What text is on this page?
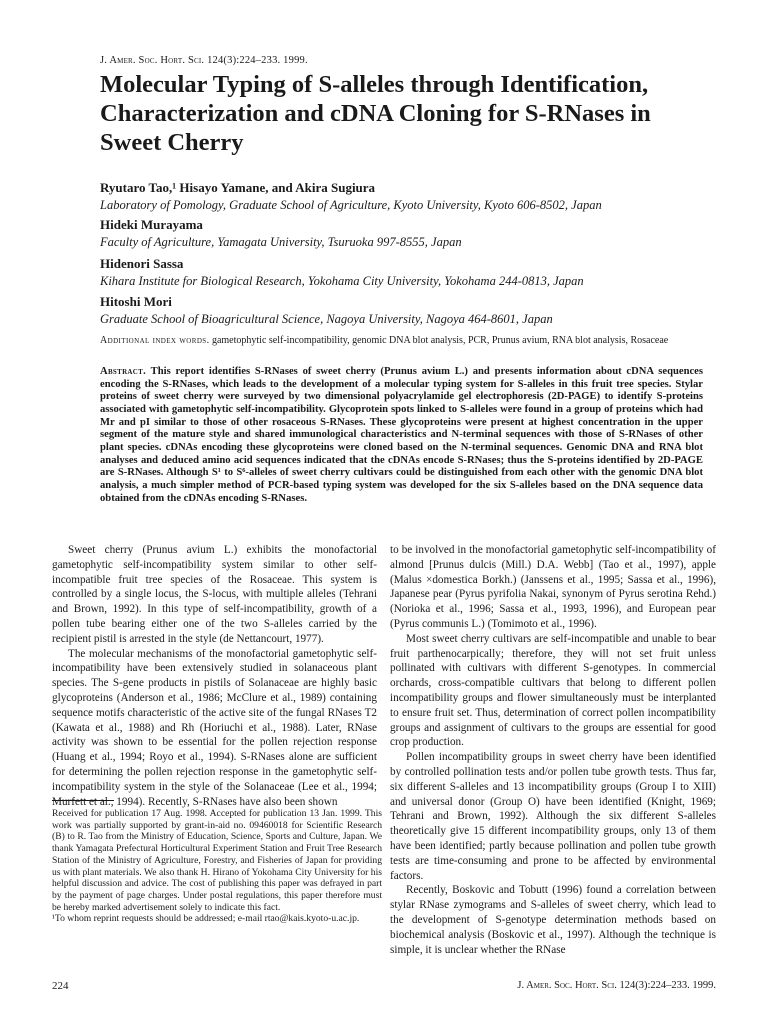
J. Amer. Soc. Hort. Sci. 124(3):224–233. 1999.
Molecular Typing of S-alleles through Identification, Characterization and cDNA Cloning for S-RNases in Sweet Cherry
Ryutaro Tao,¹ Hisayo Yamane, and Akira Sugiura
Laboratory of Pomology, Graduate School of Agriculture, Kyoto University, Kyoto 606-8502, Japan
Hideki Murayama
Faculty of Agriculture, Yamagata University, Tsuruoka 997-8555, Japan
Hidenori Sassa
Kihara Institute for Biological Research, Yokohama City University, Yokohama 244-0813, Japan
Hitoshi Mori
Graduate School of Bioagricultural Science, Nagoya University, Nagoya 464-8601, Japan
Additional index words. gametophytic self-incompatibility, genomic DNA blot analysis, PCR, Prunus avium, RNA blot analysis, Rosaceae
Abstract. This report identifies S-RNases of sweet cherry (Prunus avium L.) and presents information about cDNA sequences encoding the S-RNases, which leads to the development of a molecular typing system for S-alleles in this fruit tree species. Stylar proteins of sweet cherry were surveyed by two dimensional polyacrylamide gel electrophoresis (2D-PAGE) to identify S-proteins associated with gametophytic self-incompatibility. Glycoprotein spots linked to S-alleles were found in a group of proteins which had Mr and pI similar to those of other rosaceous S-RNases. These glycoproteins were present at highest concentration in the upper segment of the mature style and shared immunological characteristics and N-terminal sequences with those of S-RNases of other plant species. cDNAs encoding these glycoproteins were cloned based on the N-terminal sequences. Genomic DNA and RNA blot analyses and deduced amino acid sequences indicated that the cDNAs encode S-RNases; thus the S-proteins identified by 2D-PAGE are S-RNases. Although S¹ to S⁶-alleles of sweet cherry cultivars could be distinguished from each other with the genomic DNA blot analysis, a much simpler method of PCR-based typing system was developed for the six S-alleles based on the DNA sequence data obtained from the cDNAs encoding S-RNases.

Sweet cherry (Prunus avium L.) exhibits the monofactorial gametophytic self-incompatibility system similar to other self-incompatible fruit tree species of the Rosaceae. This system is controlled by a single locus, the S-locus, with multiple alleles (Tehrani and Brown, 1992). In this type of self-incompatibility, growth of a pollen tube bearing either one of the two S-alleles carried by the recipient pistil is arrested in the style (de Nettancourt, 1977).

The molecular mechanisms of the monofactorial gametophytic self-incompatibility have been extensively studied in solanaceous plant species. The S-gene products in pistils of Solanaceae are highly basic glycoproteins (Anderson et al., 1986; McClure et al., 1989) containing sequence motifs characteristic of the active site of the fungal RNases T2 (Kawata et al., 1988) and Rh (Horiuchi et al., 1988). Later, RNase activity was shown to be essential for the pollen rejection response (Huang et al., 1994; Royo et al., 1994). S-RNases alone are sufficient for determining the pollen rejection response in the gametophytic self-incompatibility system in the style of the Solanaceae (Lee et al., 1994; Murfett et al., 1994). Recently, S-RNases have also been shown

to be involved in the monofactorial gametophytic self-incompatibility of almond [Prunus dulcis (Mill.) D.A. Webb] (Tao et al., 1997), apple (Malus ×domestica Borkh.) (Janssens et al., 1995; Sassa et al., 1996), Japanese pear (Pyrus pyrifolia Nakai, synonym of Pyrus serotina Rehd.) (Norioka et al., 1996; Sassa et al., 1993, 1996), and European pear (Pyrus communis L.) (Tomimoto et al., 1996).

Most sweet cherry cultivars are self-incompatible and unable to bear fruit parthenocarpically; therefore, they will not set fruit unless pollinated with cultivars with different S-genotypes. In commercial orchards, cross-compatible cultivars that belong to different pollen incompatibility groups and flower simultaneously must be interplanted to ensure fruit set. Thus, determination of correct pollen incompatibility groups and assignment of cultivars to the groups are essential for good crop production.

Pollen incompatibility groups in sweet cherry have been identified by controlled pollination tests and/or pollen tube growth tests. Thus far, six different S-alleles and 13 incompatibility groups (Group I to XIII) and universal donor (Group O) have been identified (Knight, 1969; Tehrani and Brown, 1992). Although the six different S-alleles theoretically give 15 different incompatibility groups, only 13 of them have been identified; partly because pollination and pollen tube growth tests are time-consuming and prone to be affected by environmental factors.

Recently, Boskovic and Tobutt (1996) found a correlation between stylar RNase zymograms and S-alleles of sweet cherry, which lead to the development of S-genotype determination methods based on biochemical analysis (Boskovic et al., 1997). Although the technique is simple, it is unclear whether the RNase

Received for publication 17 Aug. 1998. Accepted for publication 13 Jan. 1999. This work was partially supported by grant-in-aid no. 09460018 for Scientific Research (B) to R. Tao from the Ministry of Education, Science, Sports and Culture, Japan. We thank Yamagata Prefectural Horticultural Experiment Station and Fruit Tree Research Station of the Ministry of Agriculture, Forestry, and Fisheries of Japan for providing us with plant materials. We also thank H. Hirano of Yokohama City University for his helpful discussion and advice. The cost of publishing this paper was defrayed in part by the payment of page charges. Under postal regulations, this paper therefore must be hereby marked advertisement solely to indicate this fact.
¹To whom reprint requests should be addressed; e-mail rtao@kais.kyoto-u.ac.jp.
224	J. Amer. Soc. Hort. Sci. 124(3):224–233. 1999.
